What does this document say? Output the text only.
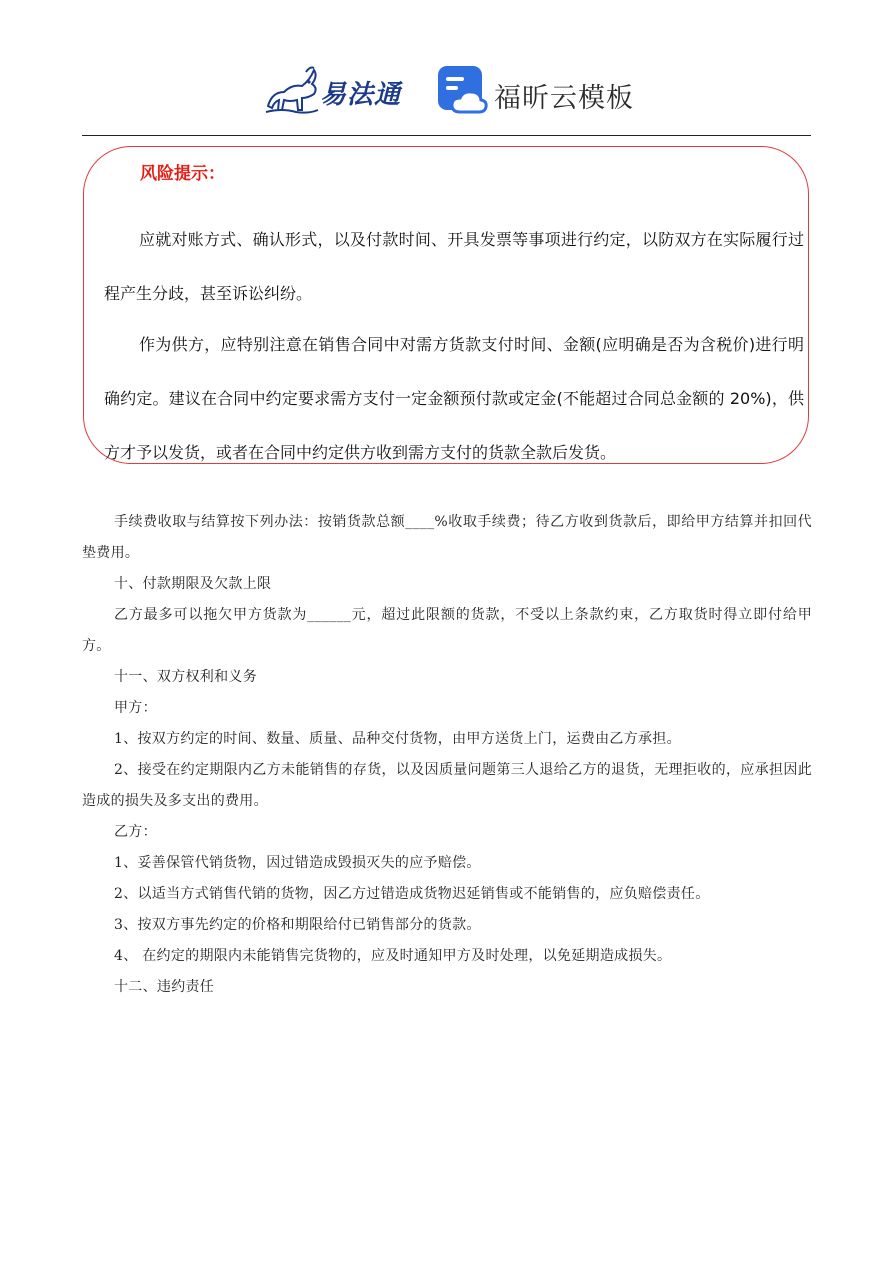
易法通	福昕云模板
风险提示：

应就对账方式、确认形式，以及付款时间、开具发票等事项进行约定，以防双方在实际履行过程产生分歧，甚至诉讼纠纷。

作为供方，应特别注意在销售合同中对需方货款支付时间、金额(应明确是否为含税价)进行明确约定。建议在合同中约定要求需方支付一定金额预付款或定金(不能超过合同总金额的 20%)，供方才予以发货，或者在合同中约定供方收到需方支付的货款全款后发货。

手续费收取与结算按下列办法：按销货款总额____%收取手续费；待乙方收到货款后，即给甲方结算并扣回代垫费用。

十、付款期限及欠款上限

乙方最多可以拖欠甲方货款为______元，超过此限额的货款，不受以上条款约束，乙方取货时得立即付给甲方。

十一、双方权利和义务

甲方：

1、按双方约定的时间、数量、质量、品种交付货物，由甲方送货上门，运费由乙方承担。

2、接受在约定期限内乙方未能销售的存货，以及因质量问题第三人退给乙方的退货，无理拒收的，应承担因此造成的损失及多支出的费用。

乙方：

1、妥善保管代销货物，因过错造成毁损灭失的应予赔偿。

2、以适当方式销售代销的货物，因乙方过错造成货物迟延销售或不能销售的，应负赔偿责任。

3、按双方事先约定的价格和期限给付已销售部分的货款。

4、 在约定的期限内未能销售完货物的，应及时通知甲方及时处理，以免延期造成损失。

十二、违约责任
